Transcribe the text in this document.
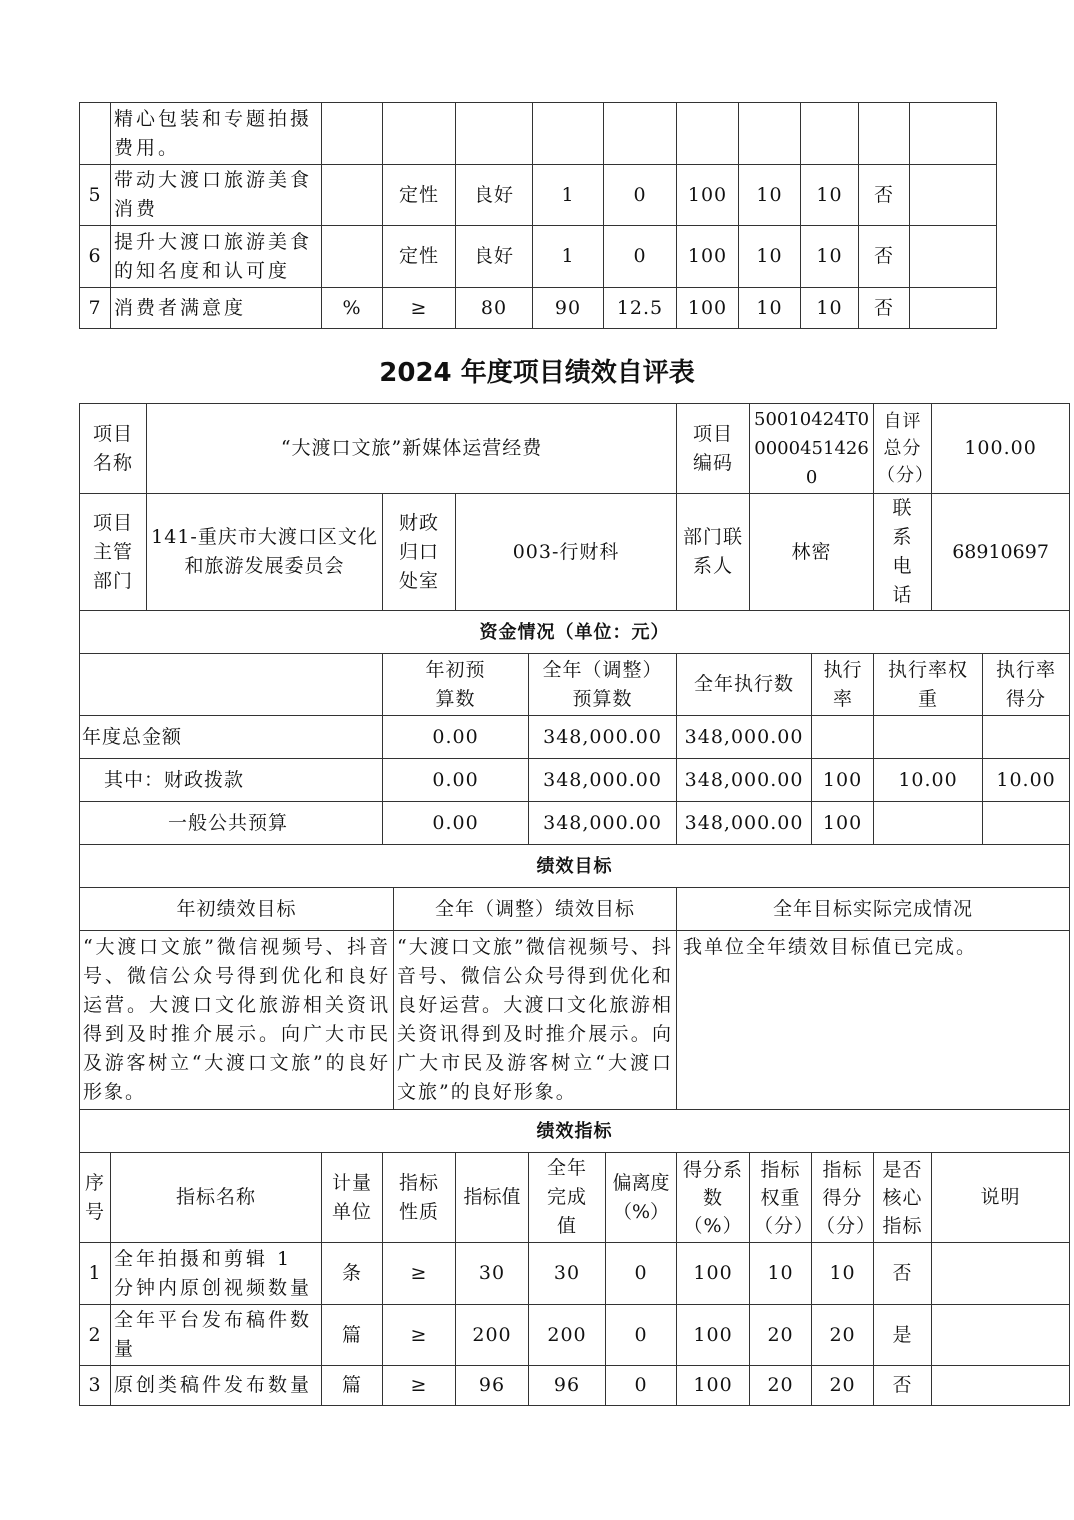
	精心包装和专题拍摄费用。										
5	带动大渡口旅游美食消费		定性	良好	1	0	100	10	10	否	
6	提升大渡口旅游美食的知名度和认可度		定性	良好	1	0	100	10	10	否	
7	消费者满意度	%	≥	80	90	12.5	100	10	10	否	
2024 年度项目绩效自评表
项目名称		“大渡口文旅”新媒体运营经费							项目编码	50010424T000004514260		自评总分（分）	100.00	
项目主管部门		141-重庆市大渡口区文化和旅游发展委员会		财政归口处室		003-行财科			部门联系人	林密		联系电话	68910697	
资金情况（单位：元）														
				年初预算数			全年（调整）预算数		全年执行数		执行率	执行率权重		执行率得分
年度总金额				0.00			348,000.00		348,000.00					
其中：财政拨款				0.00			348,000.00		348,000.00		100	10.00		10.00
一般公共预算				0.00			348,000.00		348,000.00		100			
绩效目标														
年初绩效目标					全年（调整）绩效目标				全年目标实际完成情况					
“大渡口文旅”微信视频号、抖音号、微信公众号得到优化和良好运营。大渡口文化旅游相关资讯得到及时推介展示。向广大市民及游客树立“大渡口文旅”的良好形象。					“大渡口文旅”微信视频号、抖音号、微信公众号得到优化和良好运营。大渡口文化旅游相关资讯得到及时推介展示。向广大市民及游客树立“大渡口文旅”的良好形象。				我单位全年绩效目标值已完成。					
绩效指标														
序号	指标名称		计量单位	指标性质		指标值	全年完成值	偏离度（%）	得分系数（%）	指标权重（分）	指标得分（分）	是否核心指标	说明	
1	全年拍摄和剪辑 1 分钟内原创视频数量		条	≥		30	30	0	100	10	10	否		
2	全年平台发布稿件数量		篇	≥		200	200	0	100	20	20	是		
3	原创类稿件发布数量		篇	≥		96	96	0	100	20	20	否		
